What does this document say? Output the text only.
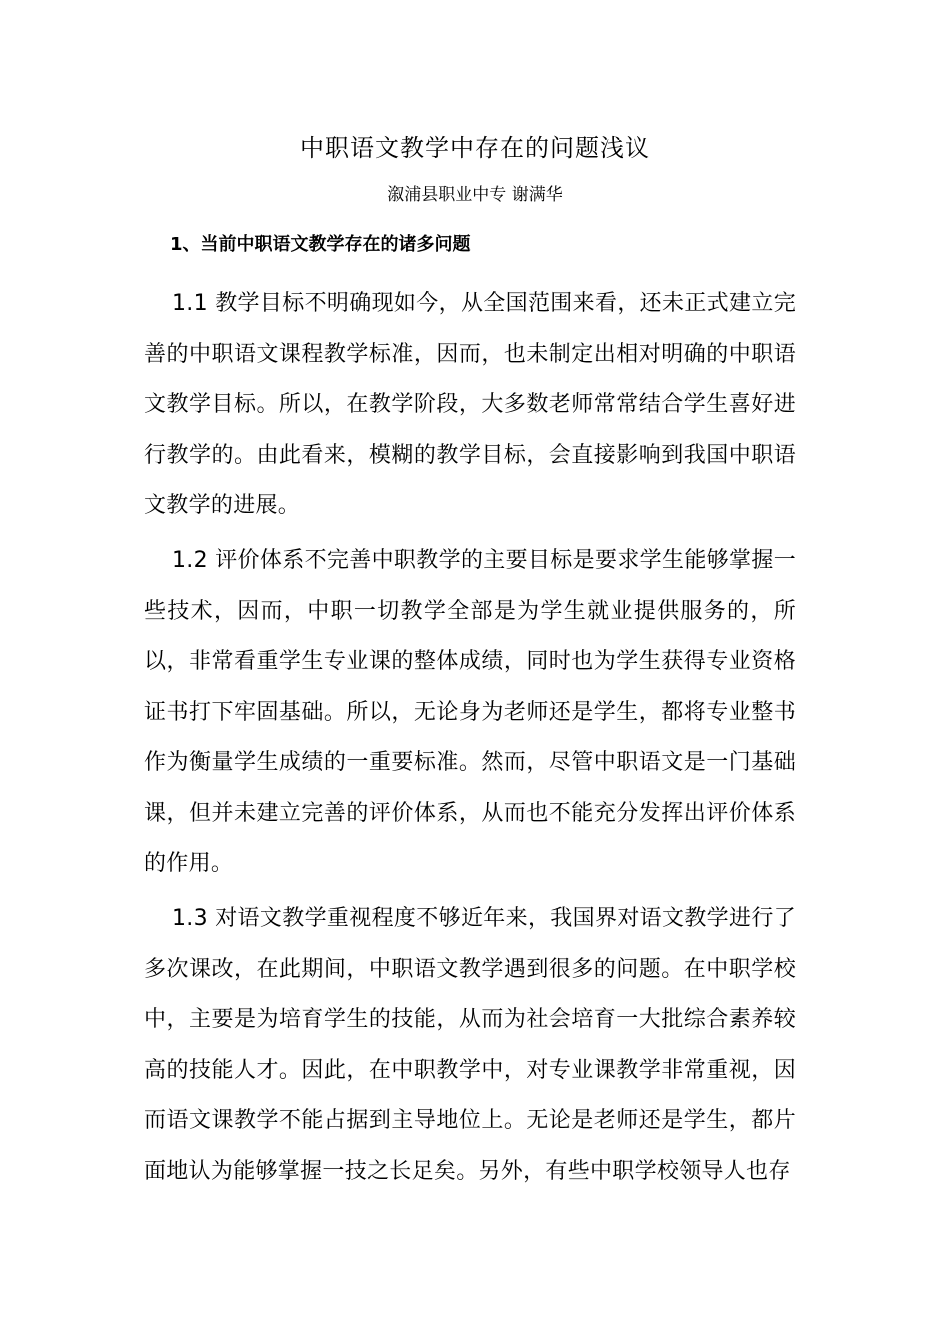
中职语文教学中存在的问题浅议
溆浦县职业中专 谢满华
1、当前中职语文教学存在的诸多问题

1.1 教学目标不明确现如今，从全国范围来看，还未正式建立完善的中职语文课程教学标准，因而，也未制定出相对明确的中职语文教学目标。所以，在教学阶段，大多数老师常常结合学生喜好进行教学的。由此看来，模糊的教学目标，会直接影响到我国中职语文教学的进展。

1.2 评价体系不完善中职教学的主要目标是要求学生能够掌握一些技术，因而，中职一切教学全部是为学生就业提供服务的，所以，非常看重学生专业课的整体成绩，同时也为学生获得专业资格证书打下牢固基础。所以，无论身为老师还是学生，都将专业整书作为衡量学生成绩的一重要标准。然而，尽管中职语文是一门基础课，但并未建立完善的评价体系，从而也不能充分发挥出评价体系的作用。

1.3 对语文教学重视程度不够近年来，我国界对语文教学进行了多次课改，在此期间，中职语文教学遇到很多的问题。在中职学校中，主要是为培育学生的技能，从而为社会培育一大批综合素养较高的技能人才。因此，在中职教学中，对专业课教学非常重视，因而语文课教学不能占据到主导地位上。无论是老师还是学生，都片面地认为能够掌握一技之长足矣。另外，有些中职学校领导人也存
